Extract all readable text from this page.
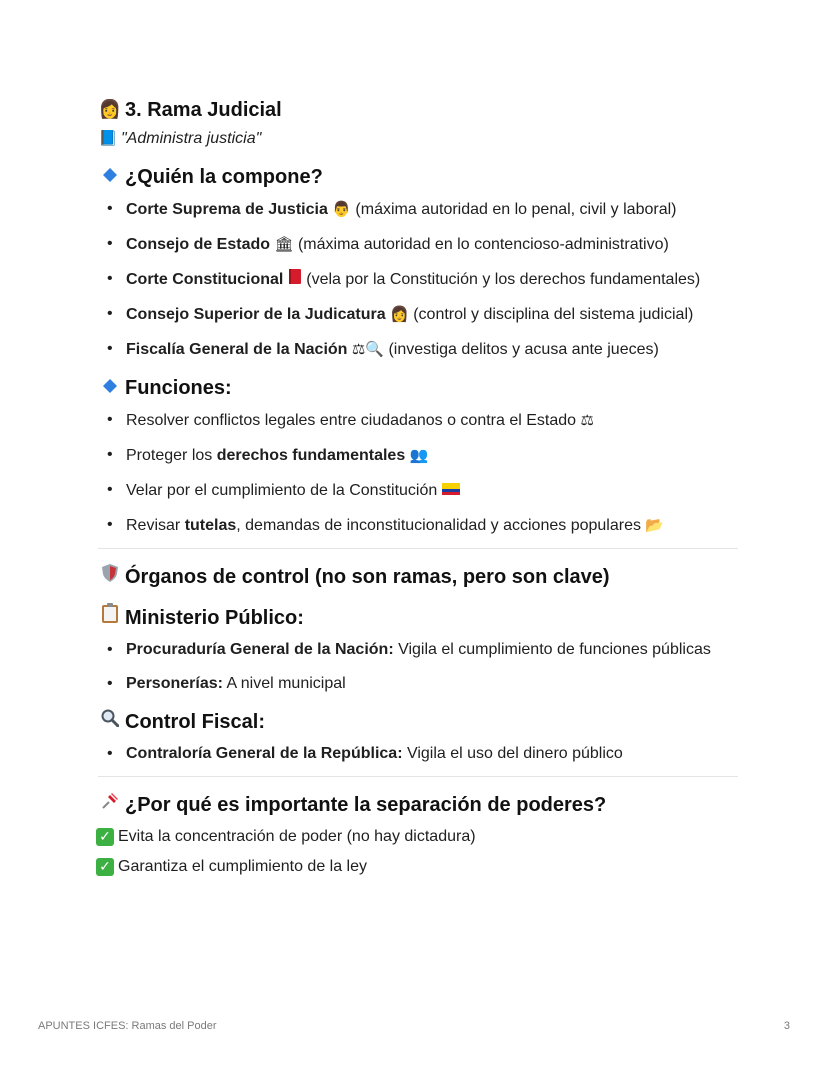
👩 3. Rama Judicial
📘 "Administra justicia"
¿Quién la compone?
• Corte Suprema de Justicia 👨 (máxima autoridad en lo penal, civil y laboral)
• Consejo de Estado 🏛 (máxima autoridad en lo contencioso-administrativo)
• Corte Constitucional  (vela por la Constitución y los derechos fundamentales)
• Consejo Superior de la Judicatura 👩 (control y disciplina del sistema judicial)
• Fiscalía General de la Nación ⚖🔍 (investiga delitos y acusa ante jueces)
Funciones:
• Resolver conflictos legales entre ciudadanos o contra el Estado ⚖
• Proteger los derechos fundamentales 👥
• Velar por el cumplimiento de la Constitución
• Revisar tutelas, demandas de inconstitucionalidad y acciones populares 📂
Órganos de control (no son ramas, pero son clave)
Ministerio Público:
• Procuraduría General de la Nación: Vigila el cumplimiento de funciones públicas
• Personerías: A nivel municipal
Control Fiscal:
• Contraloría General de la República: Vigila el uso del dinero público
¿Por qué es importante la separación de poderes?
✓ Evita la concentración de poder (no hay dictadura)
✓ Garantiza el cumplimiento de la ley
APUNTES ICFES: Ramas del Poder	3
